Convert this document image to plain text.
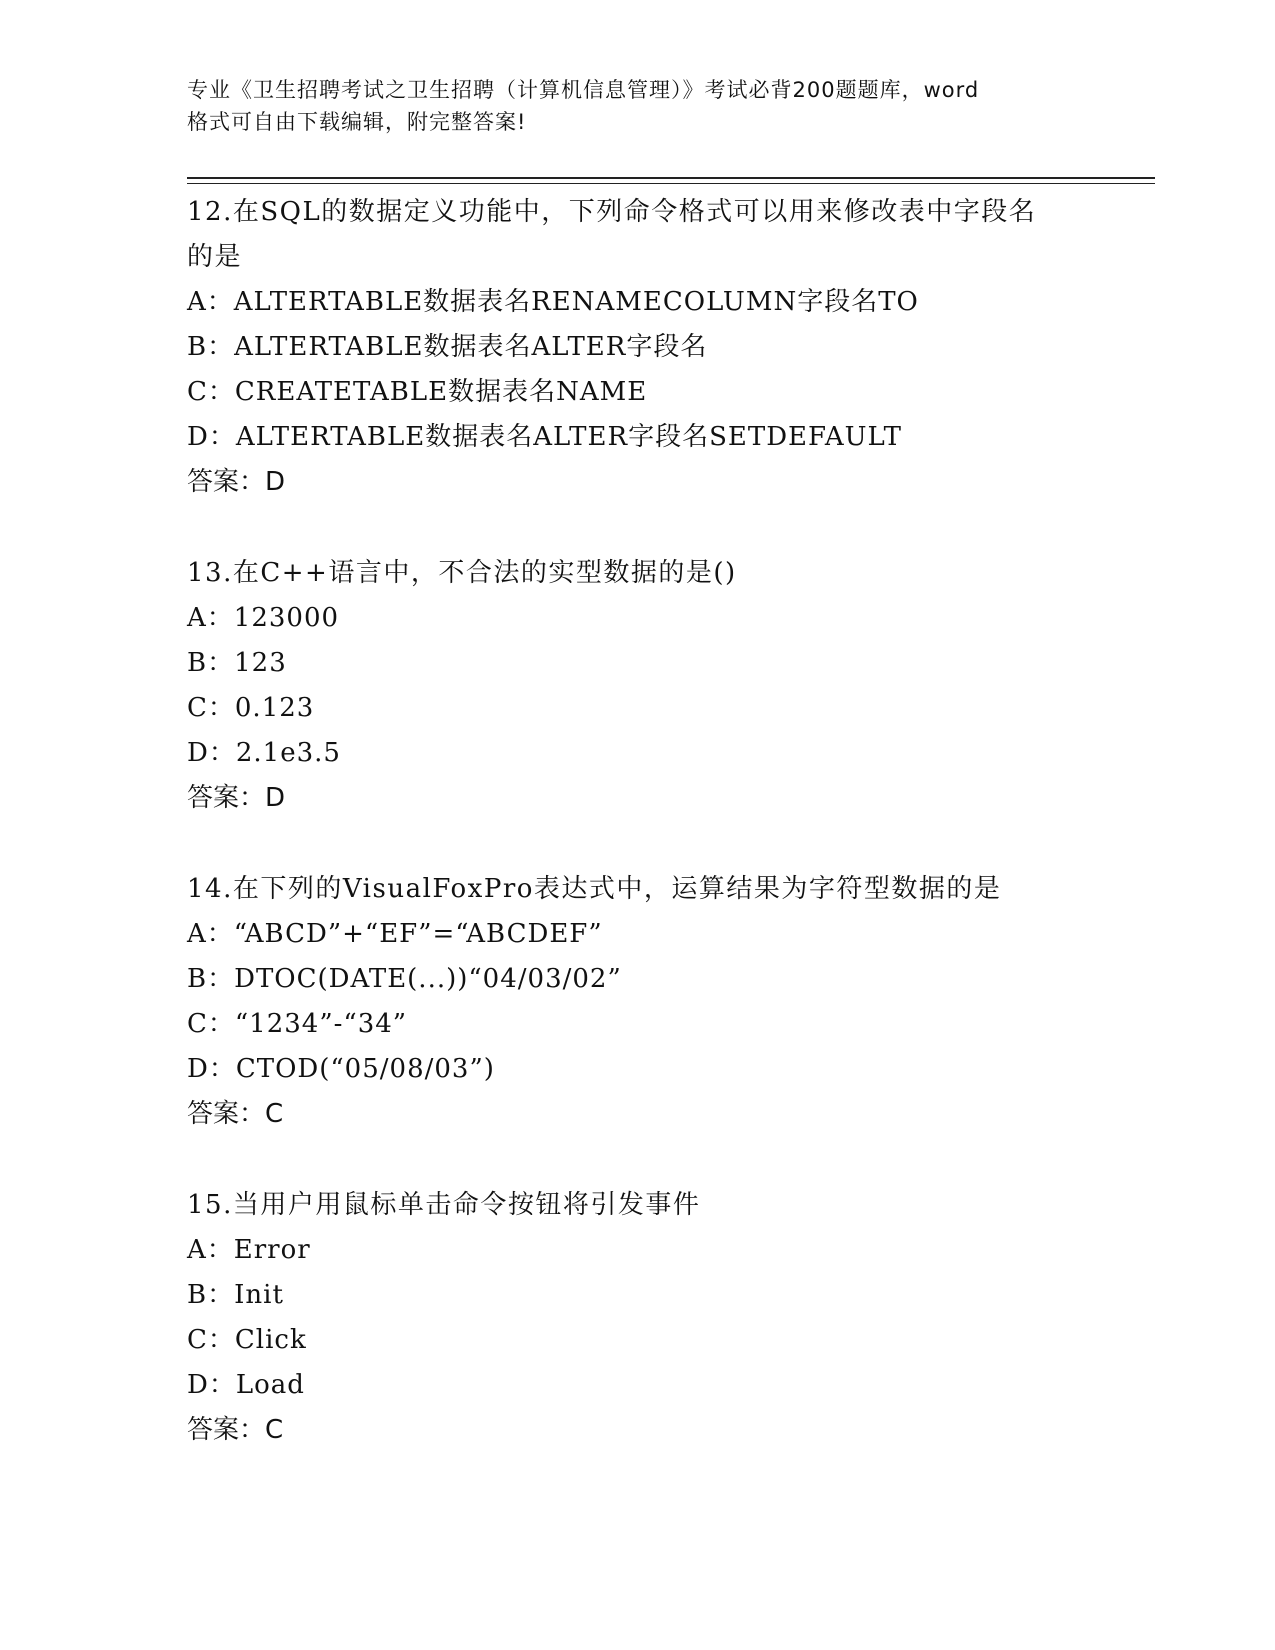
专业《卫生招聘考试之卫生招聘（计算机信息管理）》考试必背200题题库，word
格式可自由下载编辑，附完整答案!
12.在SQL的数据定义功能中，下列命令格式可以用来修改表中字段名
的是
A：ALTERTABLE数据表名RENAMECOLUMN字段名TO
B：ALTERTABLE数据表名ALTER字段名
C：CREATETABLE数据表名NAME
D：ALTERTABLE数据表名ALTER字段名SETDEFAULT
答案：D
13.在C++语言中，不合法的实型数据的是()
A：123000
B：123
C：0.123
D：2.1e3.5
答案：D
14.在下列的VisualFoxPro表达式中，运算结果为字符型数据的是
A：“ABCD”+“EF”=“ABCDEF”
B：DTOC(DATE(...))“04/03/02”
C：“1234”-“34”
D：CTOD(“05/08/03”)
答案：C
15.当用户用鼠标单击命令按钮将引发事件
A：Error
B：Init
C：Click
D：Load
答案：C
